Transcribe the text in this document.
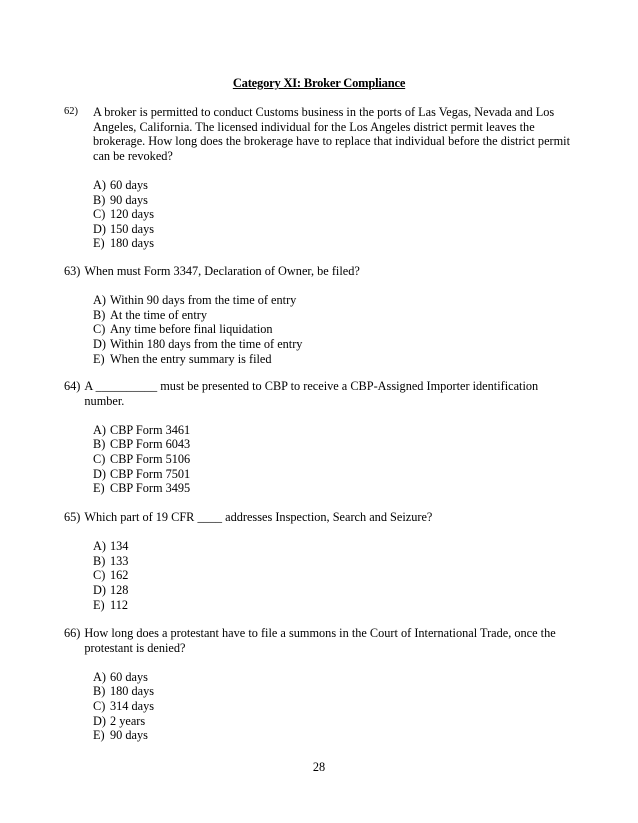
Category XI: Broker Compliance
62)	A broker is permitted to conduct Customs business in the ports of Las Vegas, Nevada and Los Angeles, California. The licensed individual for the Los Angeles district permit leaves the brokerage. How long does the brokerage have to replace that individual before the district permit can be revoked?
A) 60 days
B) 90 days
C) 120 days
D) 150 days
E) 180 days
63) When must Form 3347, Declaration of Owner, be filed?
A) Within 90 days from the time of entry
B) At the time of entry
C) Any time before final liquidation
D) Within 180 days from the time of entry
E) When the entry summary is filed
64) A __________ must be presented to CBP to receive a CBP-Assigned Importer identification number.
A) CBP Form 3461
B) CBP Form 6043
C) CBP Form 5106
D) CBP Form 7501
E) CBP Form 3495
65) Which part of 19 CFR ____ addresses Inspection, Search and Seizure?
A) 134
B) 133
C) 162
D) 128
E) 112
66) How long does a protestant have to file a summons in the Court of International Trade, once the protestant is denied?
A) 60 days
B) 180 days
C) 314 days
D) 2 years
E) 90 days
28
